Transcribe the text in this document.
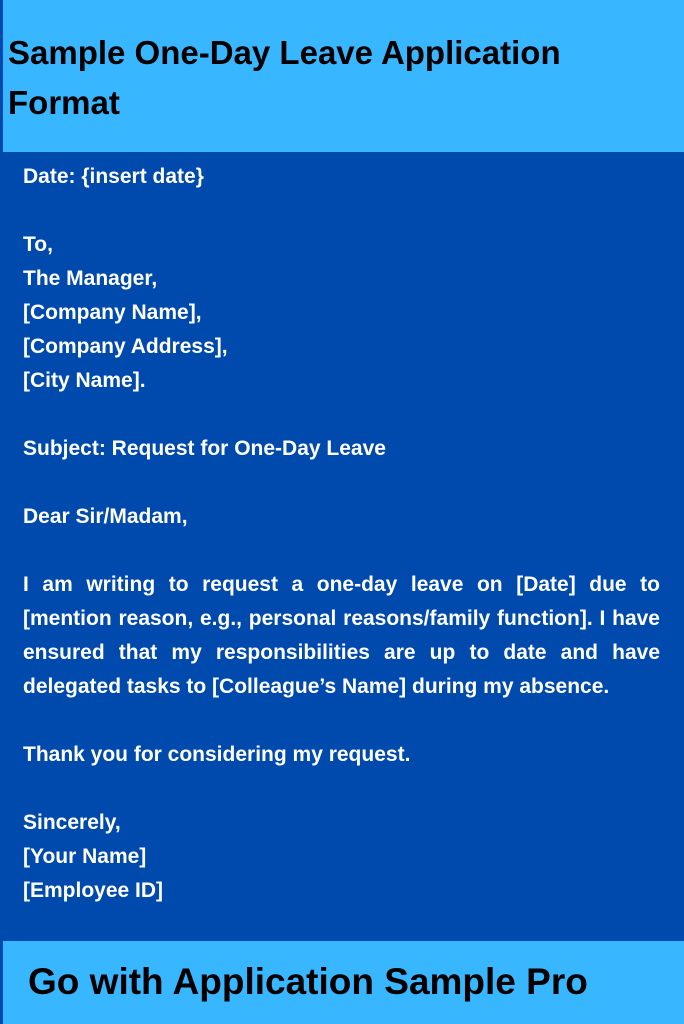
Sample One-Day Leave Application Format
Date: {insert date}
To,
The Manager,
[Company Name],
[Company Address],
[City Name].
Subject: Request for One-Day Leave
Dear Sir/Madam,
I am writing to request a one-day leave on [Date] due to [mention reason, e.g., personal reasons/family function]. I have ensured that my responsibilities are up to date and have delegated tasks to [Colleague’s Name] during my absence.
Thank you for considering my request.
Sincerely,
[Your Name]
[Employee ID]
Go with Application Sample Pro
